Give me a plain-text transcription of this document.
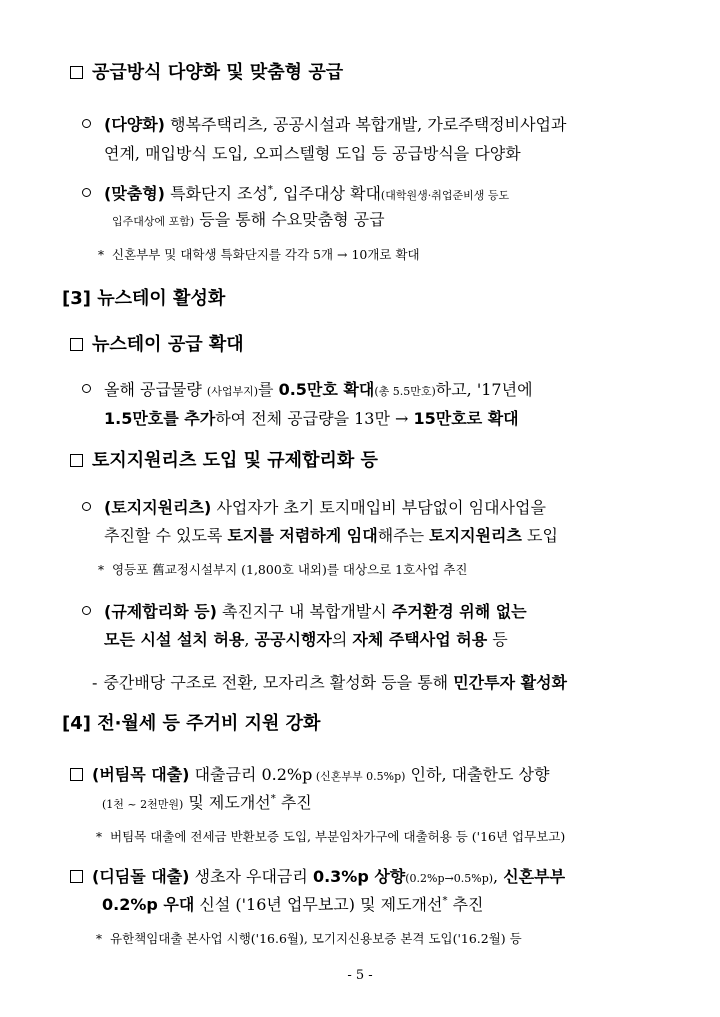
공급방식 다양화 및 맞춤형 공급
(다양화) 행복주택리츠, 공공시설과 복합개발, 가로주택정비사업과
연계, 매입방식 도입, 오피스텔형 도입 등 공급방식을 다양화
(맞춤형) 특화단지 조성*, 입주대상 확대(대학원생·취업준비생 등도
입주대상에 포함) 등을 통해 수요맞춤형 공급
* 신혼부부 및 대학생 특화단지를 각각 5개 → 10개로 확대
[3] 뉴스테이 활성화
뉴스테이 공급 확대
올해 공급물량 (사업부지)를 0.5만호 확대(총 5.5만호)하고, '17년에
1.5만호를 추가하여 전체 공급량을 13만 → 15만호로 확대
토지지원리츠 도입 및 규제합리화 등
(토지지원리츠) 사업자가 초기 토지매입비 부담없이 임대사업을
추진할 수 있도록 토지를 저렴하게 임대해주는 토지지원리츠 도입
* 영등포 舊교정시설부지 (1,800호 내외)를 대상으로 1호사업 추진
(규제합리화 등) 촉진지구 내 복합개발시 주거환경 위해 없는
모든 시설 설치 허용, 공공시행자의 자체 주택사업 허용 등
- 중간배당 구조로 전환, 모자리츠 활성화 등을 통해 민간투자 활성화
[4] 전·월세 등 주거비 지원 강화
(버팀목 대출) 대출금리 0.2%p (신혼부부 0.5%p) 인하, 대출한도 상향
(1천 ~ 2천만원) 및 제도개선* 추진
* 버팀목 대출에 전세금 반환보증 도입, 부분임차가구에 대출허용 등 ('16년 업무보고)
(디딤돌 대출) 생초자 우대금리 0.3%p 상향(0.2%p→0.5%p), 신혼부부
0.2%p 우대 신설 ('16년 업무보고) 및 제도개선* 추진
* 유한책임대출 본사업 시행('16.6월), 모기지신용보증 본격 도입('16.2월) 등
- 5 -
